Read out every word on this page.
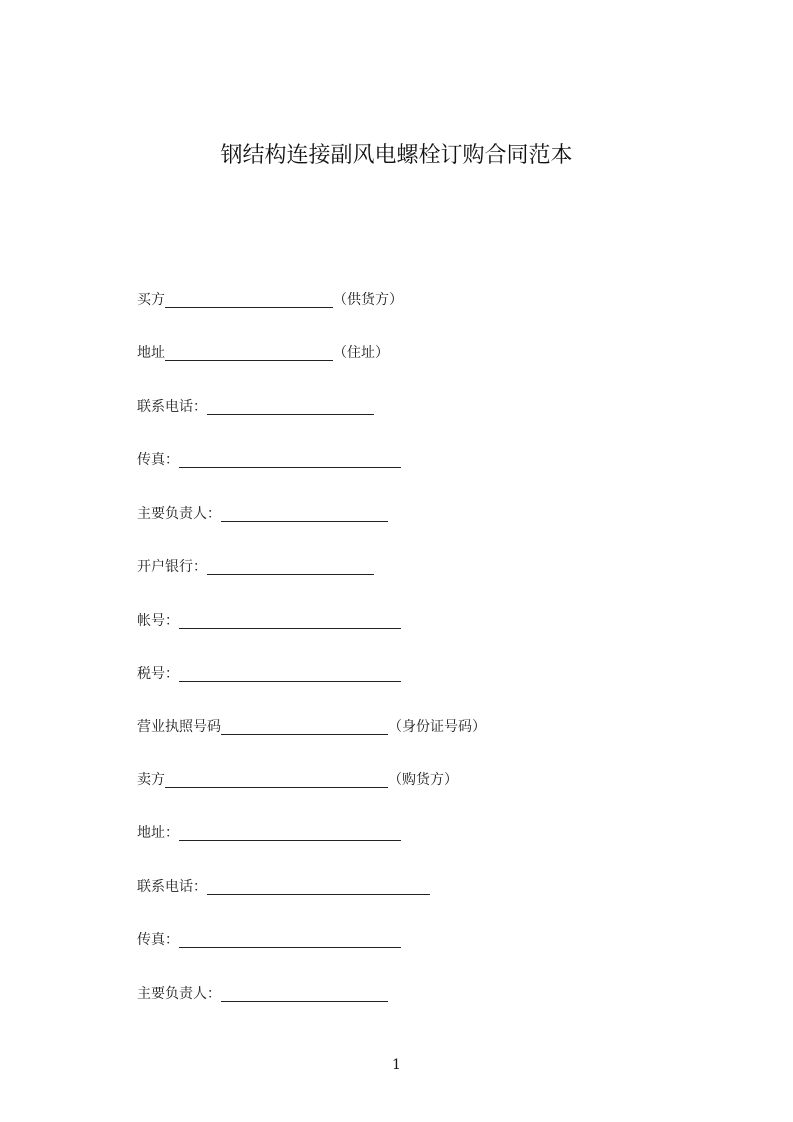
钢结构连接副风电螺栓订购合同范本
买方	（供货方）
地址	（住址）
联系电话：
传真：
主要负责人：
开户银行：
帐号：
税号：
营业执照号码	（身份证号码）
卖方	（购货方）
地址：
联系电话：
传真：
主要负责人：
1
